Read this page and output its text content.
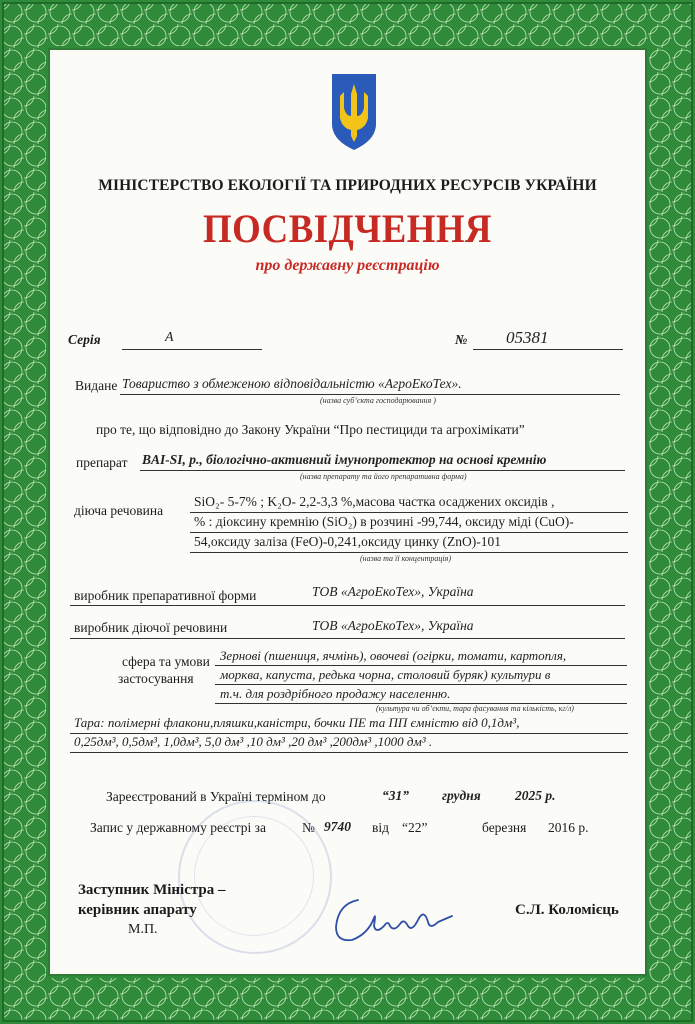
МІНІСТЕРСТВО ЕКОЛОГІЇ ТА ПРИРОДНИХ РЕСУРСІВ УКРАЇНИ
ПОСВІДЧЕННЯ
про державну реєстрацію
Серія	А	№ 05381
Видане Товариство з обмеженою відповідальністю «АгроЕкоТех».
(назва суб’єкта господарювання )
про те, що відповідно до Закону України “Про пестициди та агрохімікати”
препарат BAI-SI, р., біологічно-активний імунопротектор на основі кремнію
(назва препарату та його препаративна форма)
діюча речовина
SiO₂- 5-7% ; K₂O- 2,2-3,3 %,масова частка осаджених оксидів ,
% : діоксину кремнію (SiO₂) в розчині -99,744, оксиду міді (CuO)-
54,оксиду заліза (FeO)-0,241,оксиду цинку (ZnO)-101
(назва та її концентрація)
виробник препаративної форми	ТОВ «АгроЕкоТех», Україна
виробник діючої речовини	ТОВ «АгроЕкоТех», Україна
сфера та умови
застосування
Зернові (пшениця, ячмінь), овочеві (огірки, томати, картопля,
морква, капуста, редька чорна, столовий буряк) культури в
т.ч. для роздрібного продажу населенню.
(культура чи об’єкти, тара фасування та кількість, кг/л)
Тара: полімерні флакони,пляшки,каністри, бочки ПЕ та ПП ємністю від 0,1дм³,
0,25дм³, 0,5дм³, 1,0дм³, 5,0 дм³ ,10 дм³ ,20 дм³ ,200дм³ ,1000 дм³ .
Зареєстрований в Україні терміном до	“31” грудня	2025 р.
Запис у державному реєстрі за	№ 9740 від “22”	березня 2016 р.
Заступник Міністра –
керівник апарату
М.П.
С.Л. Коломієць
